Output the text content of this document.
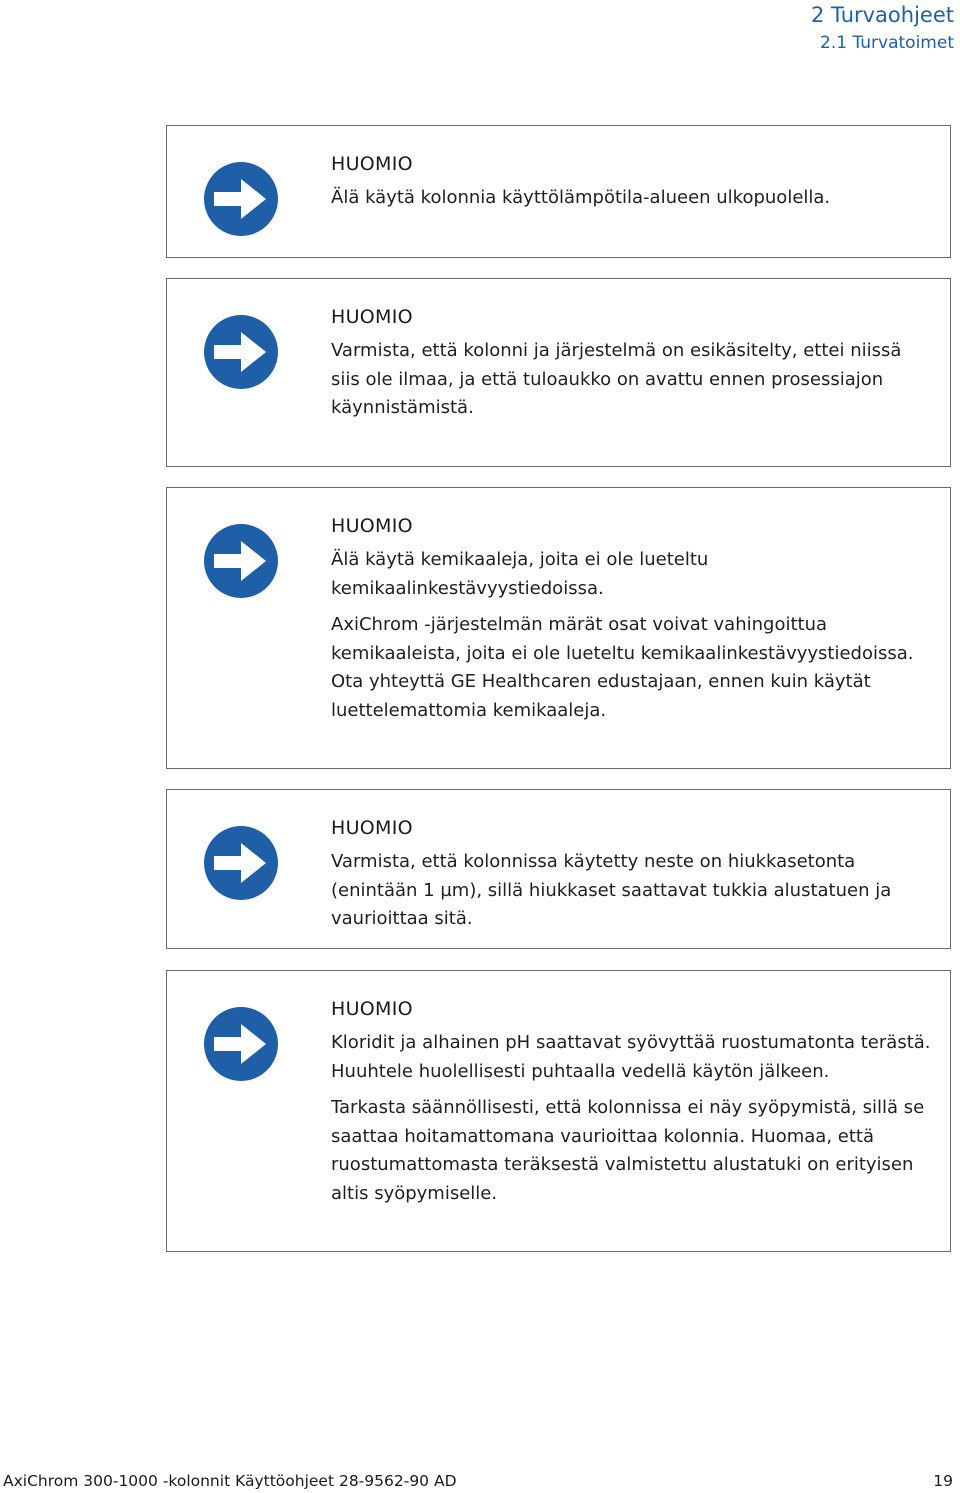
2 Turvaohjeet
2.1 Turvatoimet
HUOMIO

Älä käytä kolonnia käyttölämpötila-alueen ulkopuolella.

HUOMIO

Varmista, että kolonni ja järjestelmä on esikäsitelty, ettei niissä siis ole ilmaa, ja että tuloaukko on avattu ennen prosessiajon käynnistämistä.

HUOMIO

Älä käytä kemikaaleja, joita ei ole lueteltu kemikaalinkestävyystiedoissa.

AxiChrom -järjestelmän märät osat voivat vahingoittua kemikaaleista, joita ei ole lueteltu kemikaalinkestävyystiedoissa. Ota yhteyttä GE Healthcaren edustajaan, ennen kuin käytät luettelemattomia kemikaaleja.

HUOMIO

Varmista, että kolonnissa käytetty neste on hiukkasetonta (enintään 1 µm), sillä hiukkaset saattavat tukkia alustatuen ja vaurioittaa sitä.

HUOMIO

Kloridit ja alhainen pH saattavat syövyttää ruostumatonta terästä. Huuhtele huolellisesti puhtaalla vedellä käytön jälkeen.

Tarkasta säännöllisesti, että kolonnissa ei näy syöpymistä, sillä se saattaa hoitamattomana vaurioittaa kolonnia. Huomaa, että ruostumattomasta teräksestä valmistettu alustatuki on erityisen altis syöpymiselle.

AxiChrom 300-1000 -kolonnit Käyttöohjeet 28-9562-90 AD	19
